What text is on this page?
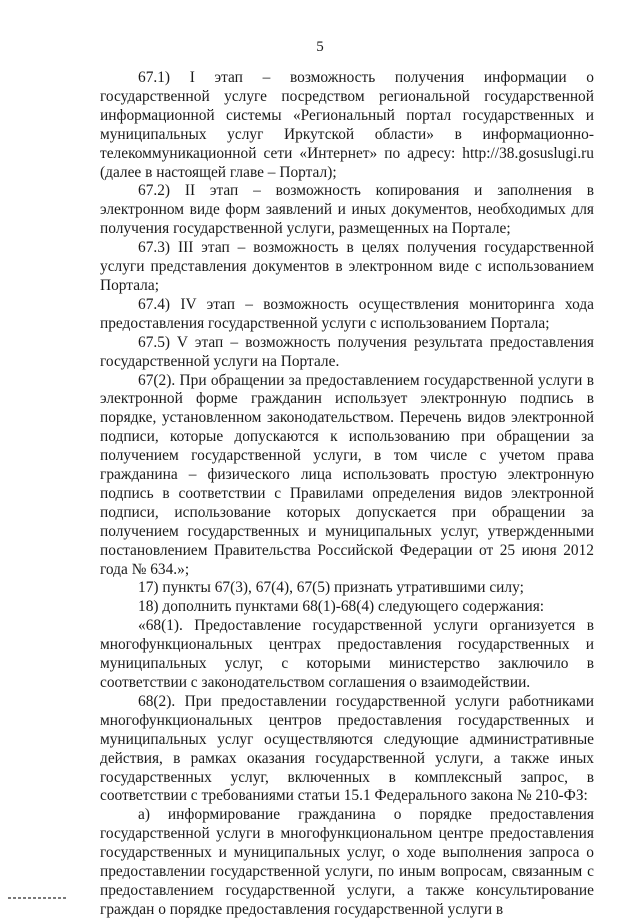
5

67.1) I этап – возможность получения информации о государственной услуге посредством региональной государственной информационной системы «Региональный портал государственных и муниципальных услуг Иркутской области» в информационно-телекоммуникационной сети «Интернет» по адресу: http://38.gosuslugi.ru (далее в настоящей главе – Портал);

67.2) II этап – возможность копирования и заполнения в электронном виде форм заявлений и иных документов, необходимых для получения государственной услуги, размещенных на Портале;

67.3) III этап – возможность в целях получения государственной услуги представления документов в электронном виде с использованием Портала;

67.4) IV этап – возможность осуществления мониторинга хода предоставления государственной услуги с использованием Портала;

67.5) V этап – возможность получения результата предоставления государственной услуги на Портале.

67(2). При обращении за предоставлением государственной услуги в электронной форме гражданин использует электронную подпись в порядке, установленном законодательством. Перечень видов электронной подписи, которые допускаются к использованию при обращении за получением государственной услуги, в том числе с учетом права гражданина – физического лица использовать простую электронную подпись в соответствии с Правилами определения видов электронной подписи, использование которых допускается при обращении за получением государственных и муниципальных услуг, утвержденными постановлением Правительства Российской Федерации от 25 июня 2012 года № 634.»;

17) пункты 67(3), 67(4), 67(5) признать утратившими силу;

18) дополнить пунктами 68(1)-68(4) следующего содержания:

«68(1). Предоставление государственной услуги организуется в многофункциональных центрах предоставления государственных и муниципальных услуг, с которыми министерство заключило в соответствии с законодательством соглашения о взаимодействии.

68(2). При предоставлении государственной услуги работниками многофункциональных центров предоставления государственных и муниципальных услуг осуществляются следующие административные действия, в рамках оказания государственной услуги, а также иных государственных услуг, включенных в комплексный запрос, в соответствии с требованиями статьи 15.1 Федерального закона № 210-ФЗ:

а) информирование гражданина о порядке предоставления государственной услуги в многофункциональном центре предоставления государственных и муниципальных услуг, о ходе выполнения запроса о предоставлении государственной услуги, по иным вопросам, связанным с предоставлением государственной услуги, а также консультирование граждан о порядке предоставления государственной услуги в
